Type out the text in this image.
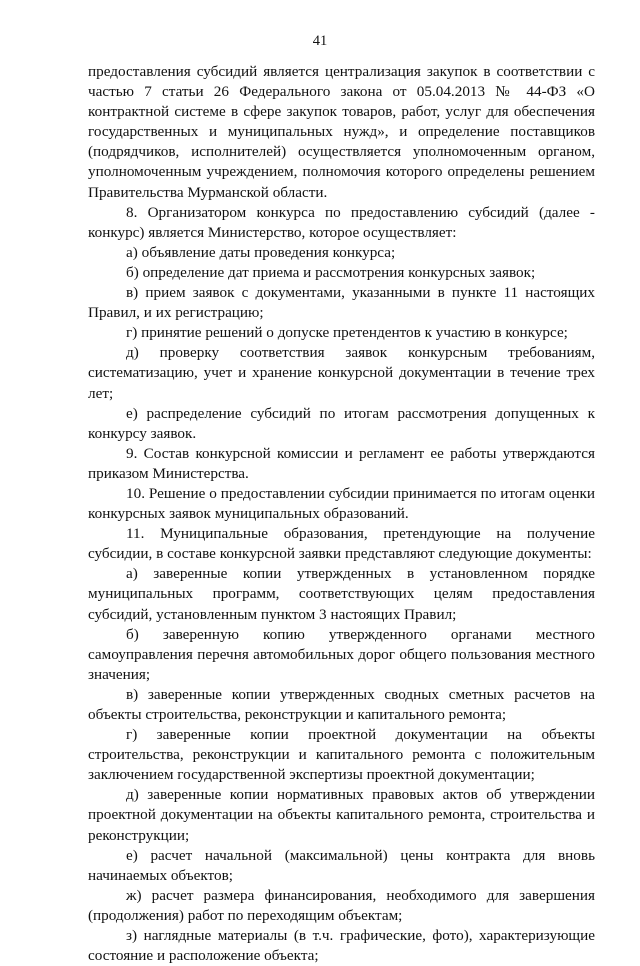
41

предоставления субсидий является централизация закупок в соответствии с частью 7 статьи 26 Федерального закона от 05.04.2013 № 44-ФЗ «О контрактной системе в сфере закупок товаров, работ, услуг для обеспечения государственных и муниципальных нужд», и определение поставщиков (подрядчиков, исполнителей) осуществляется уполномоченным органом, уполномоченным учреждением, полномочия которого определены решением Правительства Мурманской области.

8. Организатором конкурса по предоставлению субсидий (далее - конкурс) является Министерство, которое осуществляет:

а) объявление даты проведения конкурса;

б) определение дат приема и рассмотрения конкурсных заявок;

в) прием заявок с документами, указанными в пункте 11 настоящих Правил, и их регистрацию;

г) принятие решений о допуске претендентов к участию в конкурсе;

д) проверку соответствия заявок конкурсным требованиям, систематизацию, учет и хранение конкурсной документации в течение трех лет;

е) распределение субсидий по итогам рассмотрения допущенных к конкурсу заявок.

9. Состав конкурсной комиссии и регламент ее работы утверждаются приказом Министерства.

10. Решение о предоставлении субсидии принимается по итогам оценки конкурсных заявок муниципальных образований.

11. Муниципальные образования, претендующие на получение субсидии, в составе конкурсной заявки представляют следующие документы:

а) заверенные копии утвержденных в установленном порядке муниципальных программ, соответствующих целям предоставления субсидий, установленным пунктом 3 настоящих Правил;

б) заверенную копию утвержденного органами местного самоуправления перечня автомобильных дорог общего пользования местного значения;

в) заверенные копии утвержденных сводных сметных расчетов на объекты строительства, реконструкции и капитального ремонта;

г) заверенные копии проектной документации на объекты строительства, реконструкции и капитального ремонта с положительным заключением государственной экспертизы проектной документации;

д) заверенные копии нормативных правовых актов об утверждении проектной документации на объекты капитального ремонта, строительства и реконструкции;

е) расчет начальной (максимальной) цены контракта для вновь начинаемых объектов;

ж) расчет размера финансирования, необходимого для завершения (продолжения) работ по переходящим объектам;

з) наглядные материалы (в т.ч. графические, фото), характеризующие состояние и расположение объекта;
